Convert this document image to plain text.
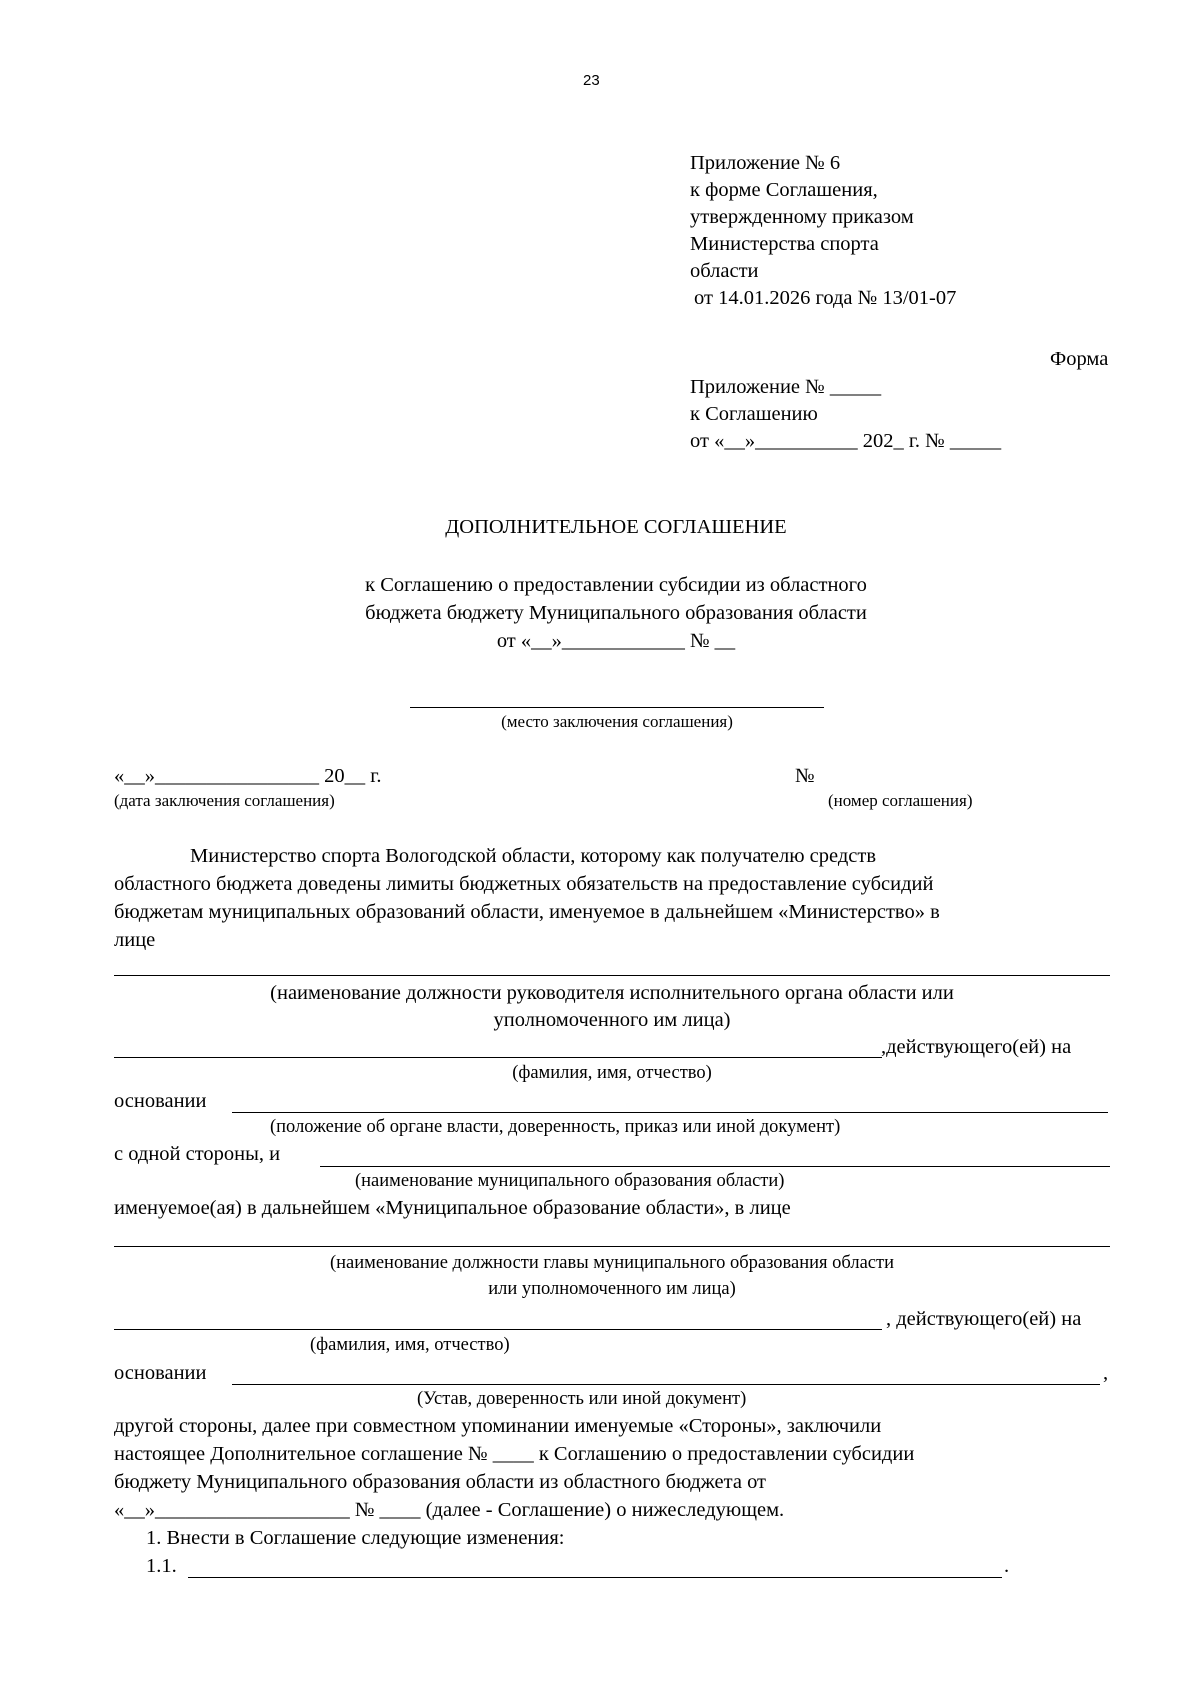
23
Приложение № 6
к форме Соглашения,
утвержденному приказом
Министерства спорта
области
от 14.01.2026 года № 13/01-07
Форма
Приложение № _____
к Соглашению
от «__»__________ 202_ г. № _____
ДОПОЛНИТЕЛЬНОЕ СОГЛАШЕНИЕ
к Соглашению о предоставлении субсидии из областного
бюджета бюджету Муниципального образования области
от «__»____________ № __
(место заключения соглашения)
«__»________________ 20__ г.	№
(дата заключения соглашения)	(номер соглашения)
Министерство спорта Вологодской области, которому как получателю средств
областного бюджета доведены лимиты бюджетных обязательств на предоставление субсидий
бюджетам муниципальных образований области, именуемое в дальнейшем «Министерство» в
лице
(наименование должности руководителя исполнительного органа области или
уполномоченного им лица)
,действующего(ей) на
(фамилия, имя, отчество)
основании
(положение об органе власти, доверенность, приказ или иной документ)
с одной стороны, и
(наименование муниципального образования области)
именуемое(ая) в дальнейшем «Муниципальное образование области», в лице
(наименование должности главы муниципального образования области
или уполномоченного им лица)
, действующего(ей) на
(фамилия, имя, отчество)
основании	,
(Устав, доверенность или иной документ)
другой стороны, далее при совместном упоминании именуемые «Стороны», заключили
настоящее Дополнительное соглашение № ____ к Соглашению о предоставлении субсидии
бюджету Муниципального образования области из областного бюджета от
«__»___________________ № ____ (далее - Соглашение) о нижеследующем.
1. Внести в Соглашение следующие изменения:
1.1.	.
